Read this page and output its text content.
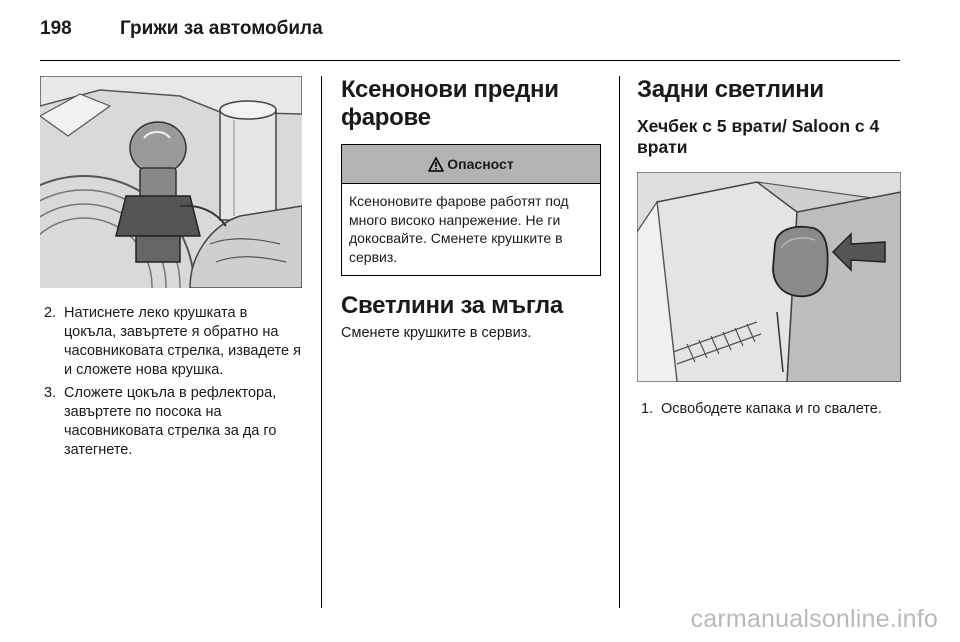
198	Грижи за автомобила
2. Натиснете леко крушката в цокъла, завъртете я обратно на часовниковата стрелка, извадете я и сложете нова крушка.
3. Сложете цокъла в рефлектора, завъртете по посока на часовниковата стрелка за да го затегнете.
Ксенонови предни фарове
Опасност
Ксеноновите фарове работят под много високо напрежение. Не ги докосвайте. Сменете крушките в сервиз.
Светлини за мъгла

Сменете крушките в сервиз.

Задни светлини
Хечбек с 5 врати/ Saloon с 4 врати
1. Освободете капака и го свалете.
carmanualsonline.info
